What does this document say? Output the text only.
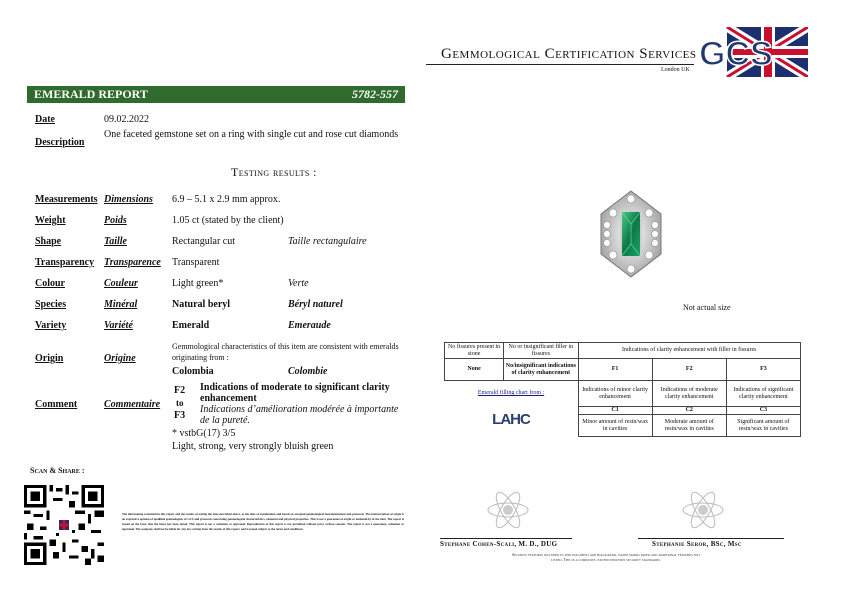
Gemmological Certification Services
London UK GCS
EMERALD REPORT	5782-557
Date	09.02.2022
Description
One faceted gemstone set on a ring with single cut and rose cut diamonds
Testing results :
Measurements Dimensions 6.9 – 5.1 x 2.9 mm approx.
Weight	Poids	1.05 ct (stated by the client)
Shape	Taille	Rectangular cut	Taille rectangulaire
Transparency Transparence Transparent
Colour	Couleur	Light green*	Verte
Species	Minéral	Natural beryl	Béryl naturel
Variety	Variété	Emerald	Emeraude
Gemmological characteristics of this item are consistent with emeralds originating from :
Origin	Origine
Colombia	Colombie
Comment	Commentaire
F2
to
F3
Indications of moderate to significant clarity enhancement
Indications d’amélioration modérée à importante de la pureté.
* vstbG(17) 3/5
Light, strong, very strongly bluish green
Not actual size
No fissures present in stone	No or insignificant filler in fissures	Indications of clarity enhancement with filler in fissures
None	No/insignificant indications of clarity enhancement	F1	F2	F3
Emerald filling chart from :	Indications of minor clarity enhancement	Indications of moderate clarity enhancement	Indications of significant clarity enhancement
LAHC	C1	C2	C3
Minor amount of resin/wax in cavities	Moderate amount of resin/wax in cavities	Significant amount of resin/wax in cavities
Stephane Cohen-Scali, M. D., DUG	Stephanie Seror, BSc, Msc
Security features included in this document are holograms, water marks paper and additional features not listed. This is a composite, exceed industry security standards.
Scan & Share :
The information contained in this report and the results of testing the item described above, at the time of examination and based on accepted gemmological instrumentation and protocols. The interpretation of origin is an expressive opinion of qualified gemmologists of GCS and protocols concerning gemmological characteristics, chemical and physical properties. This is not a guarantee of origin or authenticity of the item. The report is issued on the basis that the items has been tested. This report is not a valuation or appraisal. Reproduction of this report is not permitted without prior written consent. The report is not a guarantee, valuation or appraisal. The company shall not be liable for any loss arising from the results of this report, and is issued subject to the terms and conditions.
